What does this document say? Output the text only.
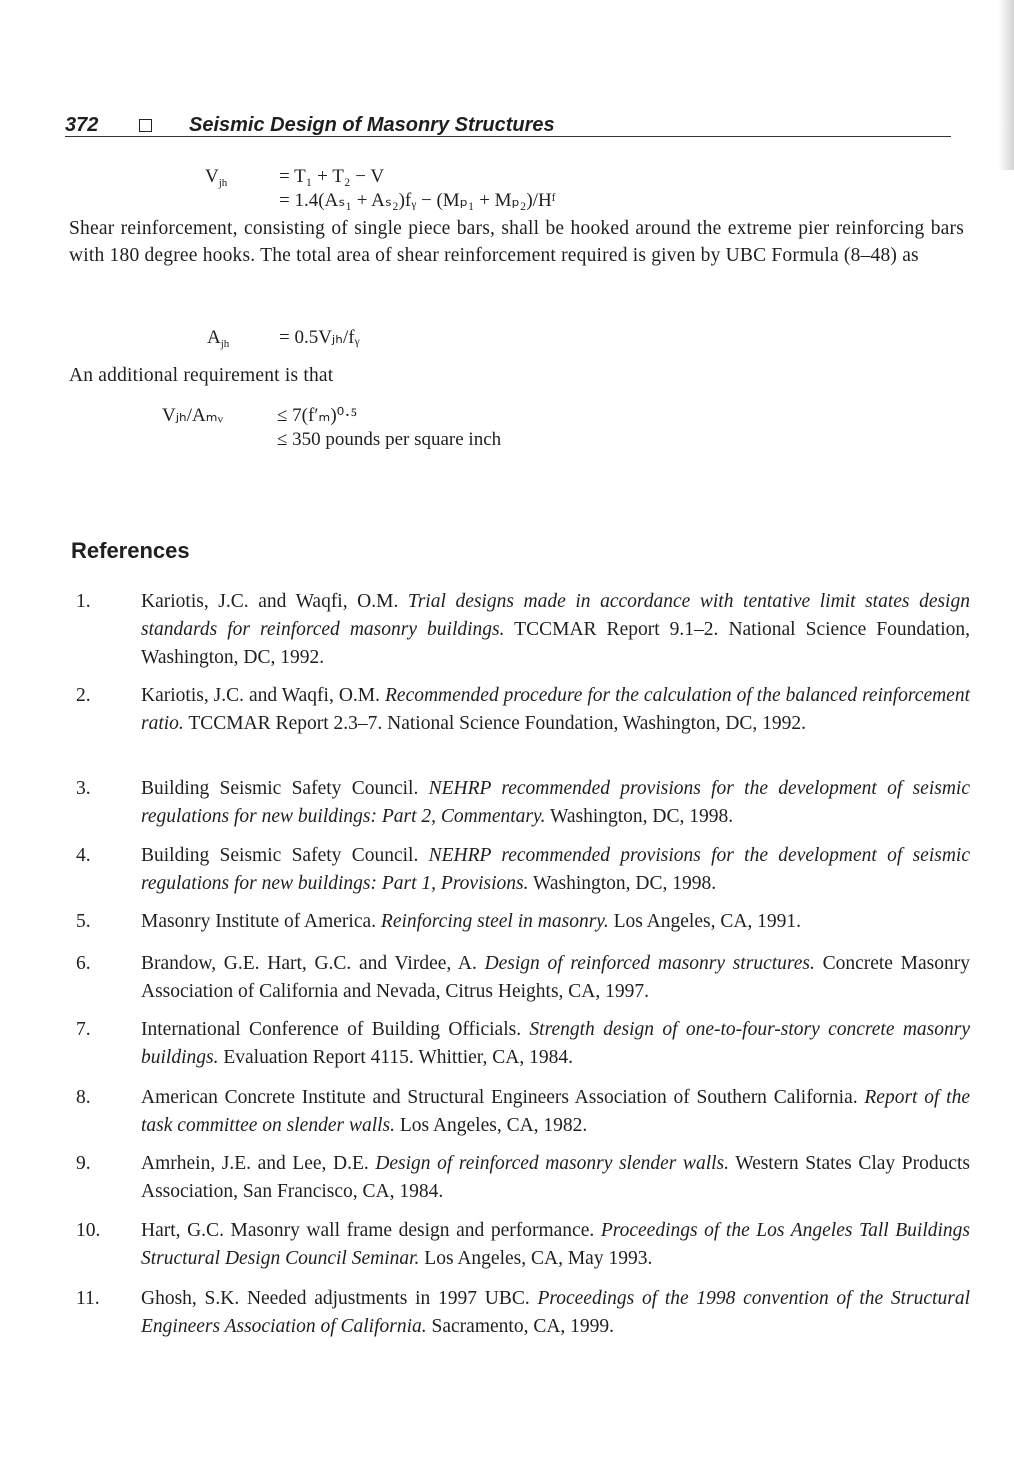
372	Seismic Design of Masonry Structures
$V_{jh}$	= T₁ + T₂ − V
= 1.4(Aₛ₁ + Aₛ₂)fᵧ − (Mₚ₁ + Mₚ₂)/Hᶠ

Shear reinforcement, consisting of single piece bars, shall be hooked around the extreme pier reinforcing bars with 180 degree hooks. The total area of shear reinforcement required is given by UBC Formula (8–48) as

$A_{jh}$	= 0.5Vⱼₕ/fᵧ

An additional requirement is that

Vⱼₕ/Aₘᵥ	≤ 7(f′ₘ)⁰·⁵
≤ 350 pounds per square inch
References
1.	Kariotis, J.C. and Waqfi, O.M. Trial designs made in accordance with tentative limit states design standards for reinforced masonry buildings. TCCMAR Report 9.1–2. National Science Foundation, Washington, DC, 1992.
2.	Kariotis, J.C. and Waqfi, O.M. Recommended procedure for the calculation of the balanced reinforcement ratio. TCCMAR Report 2.3–7. National Science Foundation, Washington, DC, 1992.
3.	Building Seismic Safety Council. NEHRP recommended provisions for the development of seismic regulations for new buildings: Part 2, Commentary. Washington, DC, 1998.
4.	Building Seismic Safety Council. NEHRP recommended provisions for the development of seismic regulations for new buildings: Part 1, Provisions. Washington, DC, 1998.
5.	Masonry Institute of America. Reinforcing steel in masonry. Los Angeles, CA, 1991.
6.	Brandow, G.E. Hart, G.C. and Virdee, A. Design of reinforced masonry structures. Concrete Masonry Association of California and Nevada, Citrus Heights, CA, 1997.
7.	International Conference of Building Officials. Strength design of one-to-four-story concrete masonry buildings. Evaluation Report 4115. Whittier, CA, 1984.
8.	American Concrete Institute and Structural Engineers Association of Southern California. Report of the task committee on slender walls. Los Angeles, CA, 1982.
9.	Amrhein, J.E. and Lee, D.E. Design of reinforced masonry slender walls. Western States Clay Products Association, San Francisco, CA, 1984.
10. Hart, G.C. Masonry wall frame design and performance. Proceedings of the Los Angeles Tall Buildings Structural Design Council Seminar. Los Angeles, CA, May 1993.
11. Ghosh, S.K. Needed adjustments in 1997 UBC. Proceedings of the 1998 convention of the Structural Engineers Association of California. Sacramento, CA, 1999.
